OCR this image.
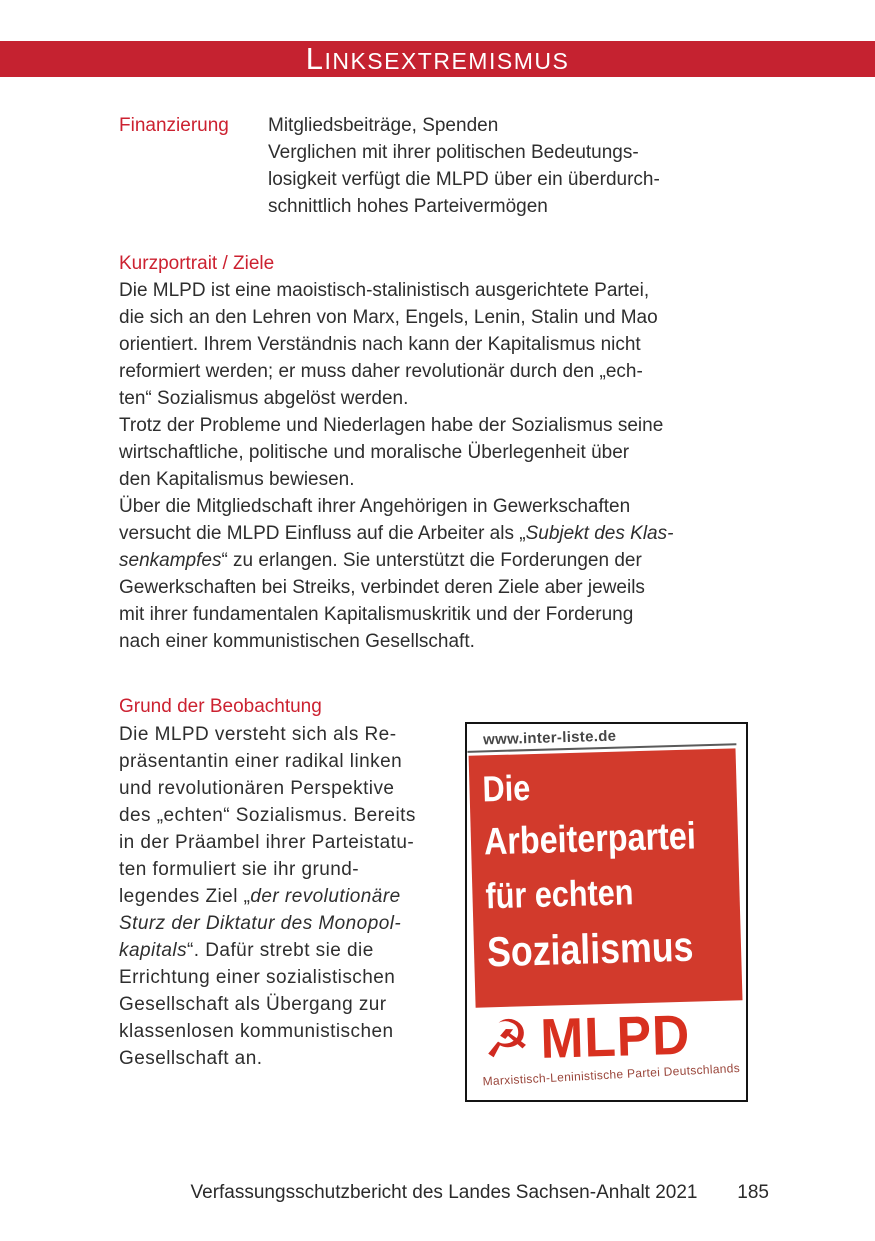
LINKSEXTREMISMUS
Finanzierung	Mitgliedsbeiträge, Spenden
Verglichen mit ihrer politischen Bedeutungs-
losigkeit verfügt die MLPD über ein überdurch-
schnittlich hohes Parteivermögen
Kurzportrait / Ziele
Die MLPD ist eine maoistisch-stalinistisch ausgerichtete Partei,
die sich an den Lehren von Marx, Engels, Lenin, Stalin und Mao
orientiert. Ihrem Verständnis nach kann der Kapitalismus nicht
reformiert werden; er muss daher revolutionär durch den „ech-
ten“ Sozialismus abgelöst werden.
Trotz der Probleme und Niederlagen habe der Sozialismus seine
wirtschaftliche, politische und moralische Überlegenheit über
den Kapitalismus bewiesen.
Über die Mitgliedschaft ihrer Angehörigen in Gewerkschaften
versucht die MLPD Einfluss auf die Arbeiter als „Subjekt des Klas-
senkampfes“ zu erlangen. Sie unterstützt die Forderungen der
Gewerkschaften bei Streiks, verbindet deren Ziele aber jeweils
mit ihrer fundamentalen Kapitalismuskritik und der Forderung
nach einer kommunistischen Gesellschaft.
Grund der Beobachtung
Die MLPD versteht sich als Re-
präsentantin einer radikal linken
und revolutionären Perspektive
des „echten“ Sozialismus. Bereits
in der Präambel ihrer Parteistatu-
ten formuliert sie ihr grund-
legendes Ziel „der revolutionäre
Sturz der Diktatur des Monopol-
kapitals“. Dafür strebt sie die
Errichtung einer sozialistischen
Gesellschaft als Übergang zur
klassenlosen kommunistischen
Gesellschaft an.
www.inter-liste.de
Die
Arbeiterpartei
für echten
Sozialismus
☭ MLPD
Marxistisch-Leninistische Partei Deutschlands
Verfassungsschutzbericht des Landes Sachsen-Anhalt 2021	185
